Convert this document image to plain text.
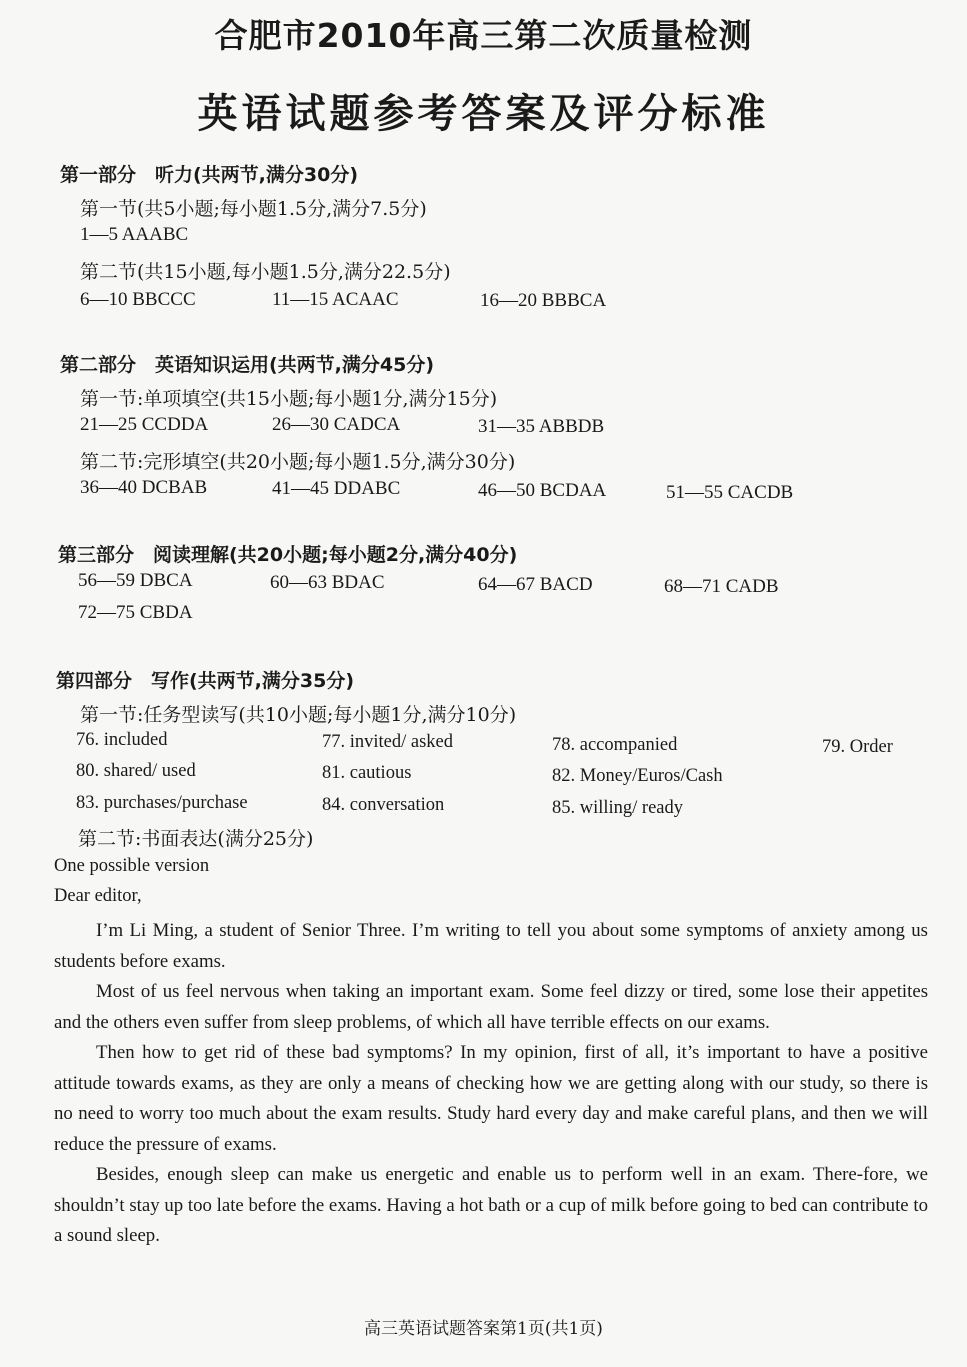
合肥市2010年高三第二次质量检测
英语试题参考答案及评分标准
第一部分　听力(共两节,满分30分)
第一节(共5小题;每小题1.5分,满分7.5分)
1—5 AAABC
第二节(共15小题,每小题1.5分,满分22.5分)
6—10 BBCCC	11—15 ACAAC	16—20 BBBCA
第二部分　英语知识运用(共两节,满分45分)
第一节:单项填空(共15小题;每小题1分,满分15分)
21—25 CCDDA	26—30 CADCA	31—35 ABBDB
第二节:完形填空(共20小题;每小题1.5分,满分30分)
36—40 DCBAB	41—45 DDABC	46—50 BCDAA	51—55 CACDB
第三部分　阅读理解(共20小题;每小题2分,满分40分)
56—59 DBCA	60—63 BDAC	64—67 BACD	68—71 CADB
72—75 CBDA
第四部分　写作(共两节,满分35分)
第一节:任务型读写(共10小题;每小题1分,满分10分)
76. included	77. invited/ asked	78. accompanied	79. Order
80. shared/ used	81. cautious	82. Money/Euros/Cash
83. purchases/purchase	84. conversation	85. willing/ ready
第二节:书面表达(满分25分)
One possible version
Dear editor,

I’m Li Ming, a student of Senior Three. I’m writing to tell you about some symptoms of anxiety among us students before exams.

Most of us feel nervous when taking an important exam. Some feel dizzy or tired, some lose their appetites and the others even suffer from sleep problems, of which all have terrible effects on our exams.

Then how to get rid of these bad symptoms? In my opinion, first of all, it’s important to have a positive attitude towards exams, as they are only a means of checking how we are getting along with our study, so there is no need to worry too much about the exam results. Study hard every day and make careful plans, and then we will reduce the pressure of exams.

Besides, enough sleep can make us energetic and enable us to perform well in an exam. There-fore, we shouldn’t stay up too late before the exams. Having a hot bath or a cup of milk before going to bed can contribute to a sound sleep.

高三英语试题答案第1页(共1页)
